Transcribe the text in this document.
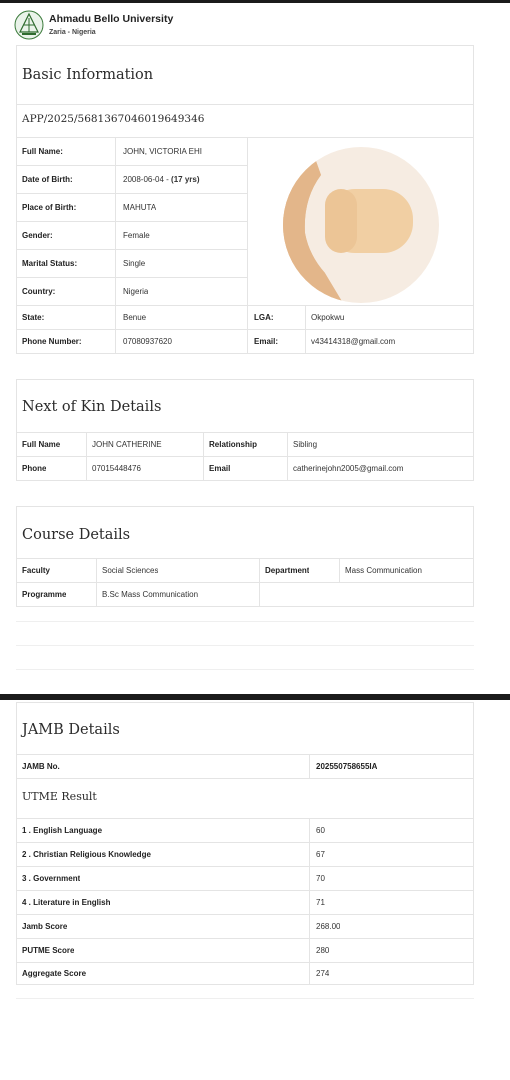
Ahmadu Bello University
Zaria - Nigeria
Basic Information
APP/2025/5681367046019649346
Full Name:	JOHN, VICTORIA EHI
Date of Birth:	2008-06-04 -
(17 yrs)
Place of Birth:	MAHUTA
Gender:	Female
Marital Status:	Single
Country:	Nigeria
State:	Benue	LGA:	Okpokwu
Phone Number:	07080937620	Email:	v43414318@gmail.com
Next of Kin Details
Full Name	JOHN CATHERINE	Relationship	Sibling
Phone	07015448476	Email	catherinejohn2005@gmail.com
Course Details
Faculty	Social Sciences	Department	Mass Communication
Programme	B.Sc Mass Communication
JAMB Details
JAMB No.	202550758655IA
UTME Result
1 . English Language	60
2 . Christian Religious Knowledge	67
3 . Government	70
4 . Literature in English	71
Jamb Score	268.00
PUTME Score	280
Aggregate Score	274
